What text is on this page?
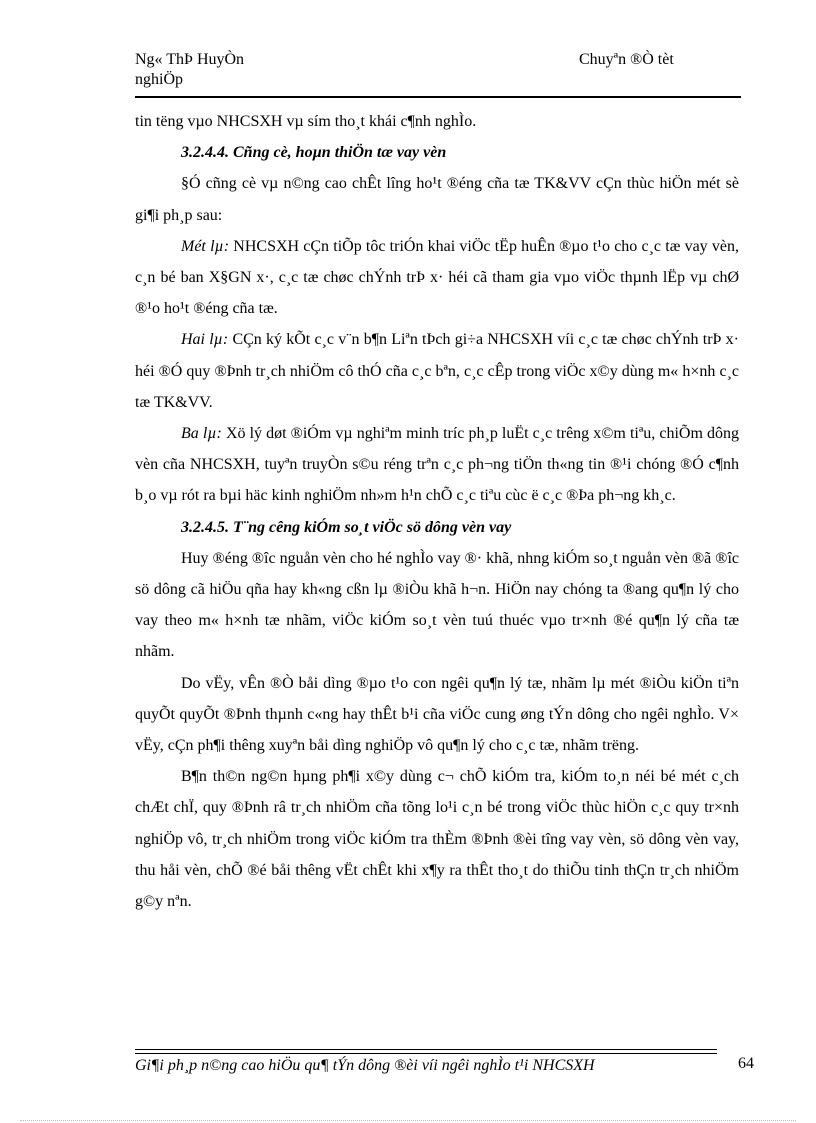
Ng« ThÞ HuyÒn
nghiÖp
Chuyªn ®Ò tèt

tin tëng vµo NHCSXH vµ sím tho¸t khái c¶nh nghÌo.

3.2.4.4. Cñng cè, hoµn thiÖn tæ vay vèn

§Ó cñng cè vµ n©ng cao chÊt lîng ho¹t ®éng cña tæ TK&VV cÇn thùc hiÖn mét sè gi¶i ph¸p sau:

Mét lµ: NHCSXH cÇn tiÕp tôc triÓn khai viÖc tËp huÊn ®µo t¹o cho c¸c tæ vay vèn, c¸n bé ban X§GN x·, c¸c tæ chøc chÝnh trÞ x· héi cã tham gia vµo viÖc thµnh lËp vµ chØ ®¹o ho¹t ®éng cña tæ.

Hai lµ: CÇn ký kÕt c¸c v¨n b¶n Liªn tÞch gi÷a NHCSXH víi c¸c tæ chøc chÝnh trÞ x· héi ®Ó quy ®Þnh tr¸ch nhiÖm cô thÓ cña c¸c bªn, c¸c cÊp trong viÖc x©y dùng m« h×nh c¸c tæ TK&VV.

Ba lµ: Xö lý døt ®iÓm vµ nghiªm minh tríc ph¸p luËt c¸c trêng x©m tiªu, chiÕm dông vèn cña NHCSXH, tuyªn truyÒn s©u réng trªn c¸c ph¬ng tiÖn th«ng tin ®¹i chóng ®Ó c¶nh b¸o vµ rót ra bµi häc kinh nghiÖm nh»m h¹n chÕ c¸c tiªu cùc ë c¸c ®Þa ph¬ng kh¸c.

3.2.4.5. T¨ng cêng kiÓm so¸t viÖc sö dông vèn vay

Huy ®éng ®îc nguån vèn cho hé nghÌo vay ®· khã, nhng kiÓm so¸t nguån vèn ®ã ®îc sö dông cã hiÖu qña hay kh«ng cßn lµ ®iÒu khã h¬n. HiÖn nay chóng ta ®ang qu¶n lý cho vay theo m« h×nh tæ nhãm, viÖc kiÓm so¸t vèn tuú thuéc vµo tr×nh ®é qu¶n lý cña tæ nhãm.

Do vËy, vÊn ®Ò båi dìng ®µo t¹o con ngêi qu¶n lý tæ, nhãm lµ mét ®iÒu kiÖn tiªn quyÕt quyÕt ®Þnh thµnh c«ng hay thÊt b¹i cña viÖc cung øng tÝn dông cho ngêi nghÌo. V× vËy, cÇn ph¶i thêng xuyªn båi dìng nghiÖp vô qu¶n lý cho c¸c tæ, nhãm trëng.

B¶n th©n ng©n hµng ph¶i x©y dùng c¬ chÕ kiÓm tra, kiÓm to¸n néi bé mét c¸ch chÆt chÏ, quy ®Þnh râ tr¸ch nhiÖm cña tõng lo¹i c¸n bé trong viÖc thùc hiÖn c¸c quy tr×nh nghiÖp vô, tr¸ch nhiÖm trong viÖc kiÓm tra thÈm ®Þnh ®èi tîng vay vèn, sö dông vèn vay, thu håi vèn, chÕ ®é båi thêng vËt chÊt khi x¶y ra thÊt tho¸t do thiÕu tinh thÇn tr¸ch nhiÖm g©y nªn.

Gi¶i ph¸p n©ng cao hiÖu qu¶ tÝn dông ®èi víi ngêi nghÌo t¹i NHCSXH	64
